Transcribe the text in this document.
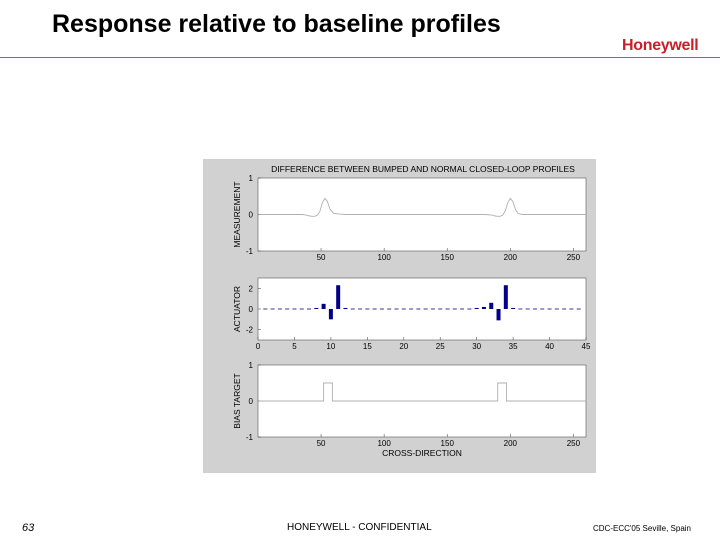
Response relative to baseline profiles
Honeywell
DIFFERENCE BETWEEN BUMPED AND NORMAL CLOSED-LOOP PROFILES
MEASUREMENT
50	100	150	200	250
-1
0
1
ACTUATOR
0	5	10	15	20	25	30	35	40	45
-2
0
2
BIAS TARGET
CROSS-DIRECTION
50	100	150	200	250
-1
0
1
63	HONEYWELL - CONFIDENTIAL	CDC-ECC'05 Seville, Spain
